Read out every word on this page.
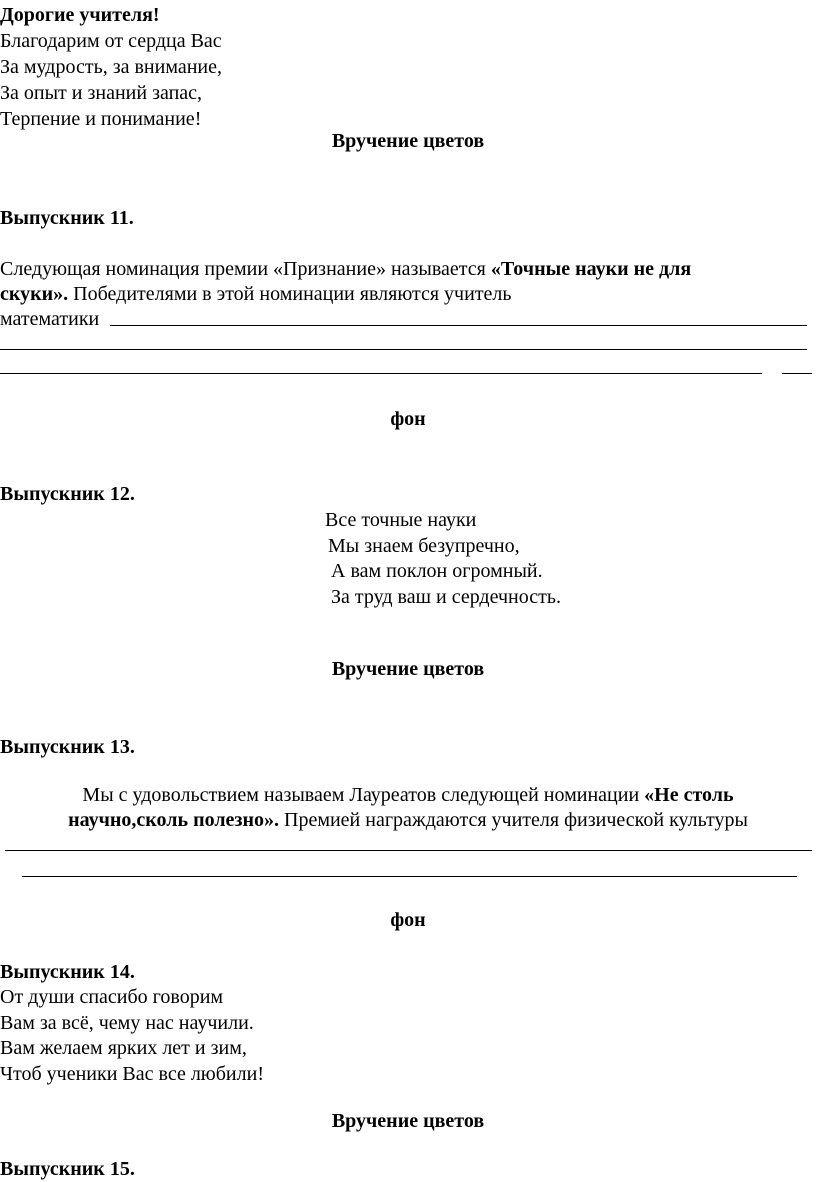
Дорогие учителя!
Благодарим от сердца Вас
За мудрость, за внимание,
За опыт и знаний запас,
Терпение и понимание!
Вручение цветов
Выпускник 11.
Следующая номинация премии «Признание» называется «Точные науки не для
скуки». Победителями в этой номинации являются учитель
математики
фон
Выпускник 12.
Все точные науки
Мы знаем безупречно,
А вам поклон огромный.
За труд ваш и сердечность.
Вручение цветов
Выпускник 13.
Мы с удовольствием называем Лауреатов следующей номинации «Не столь
научно,сколь полезно». Премией награждаются учителя физической культуры
фон
Выпускник 14.
От души спасибо говорим
Вам за всё, чему нас научили.
Вам желаем ярких лет и зим,
Чтоб ученики Вас все любили!
Вручение цветов
Выпускник 15.
